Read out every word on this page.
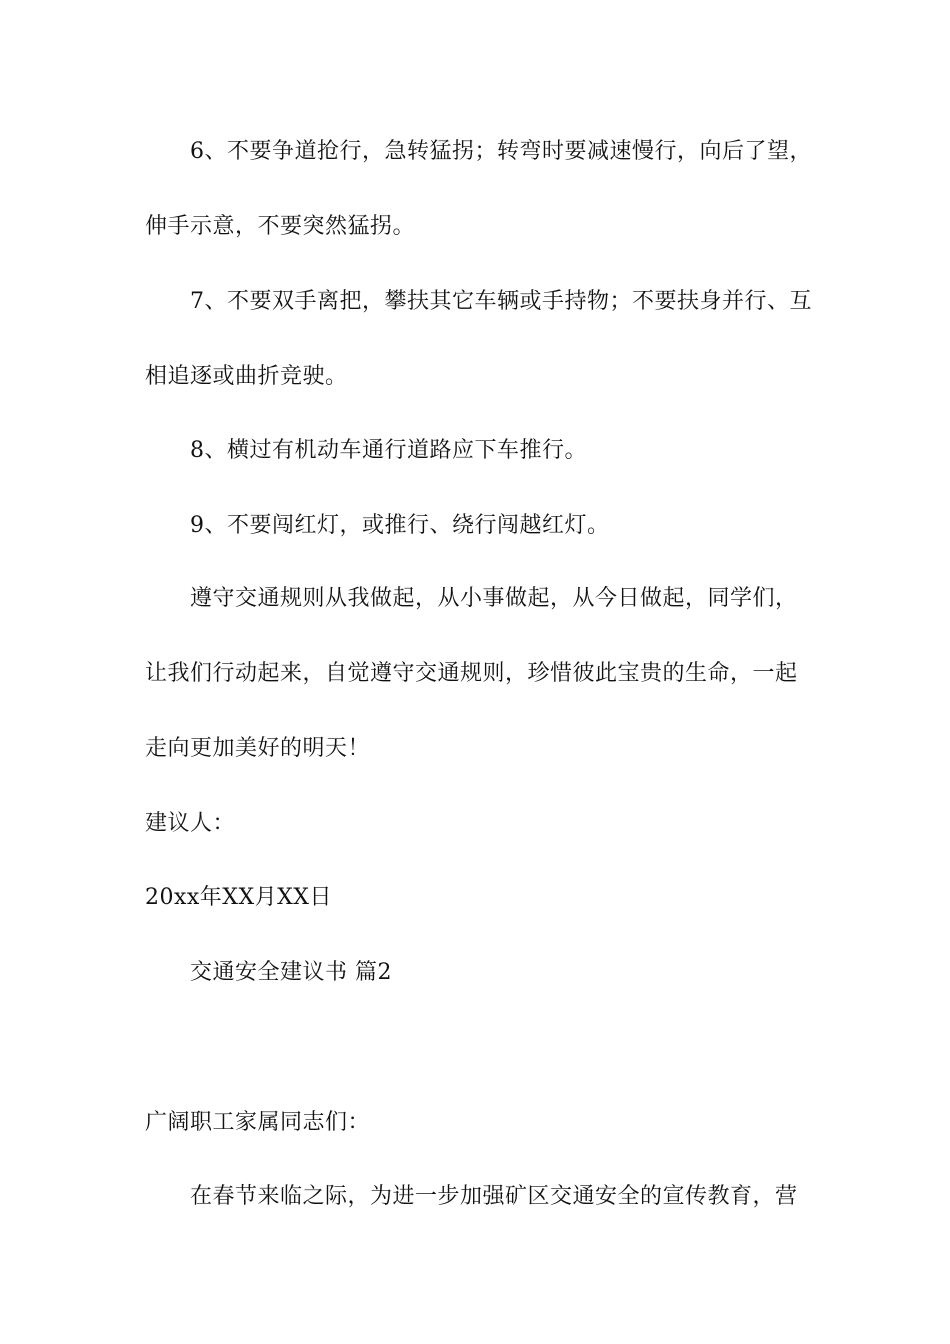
6、不要争道抢行，急转猛拐；转弯时要减速慢行，向后了望，
伸手示意，不要突然猛拐。
7、不要双手离把，攀扶其它车辆或手持物；不要扶身并行、互
相追逐或曲折竞驶。
8、横过有机动车通行道路应下车推行。
9、不要闯红灯，或推行、绕行闯越红灯。
遵守交通规则从我做起，从小事做起，从今日做起，同学们，
让我们行动起来，自觉遵守交通规则，珍惜彼此宝贵的生命，一起
走向更加美好的明天！
建议人：
20xx年XX月XX日
交通安全建议书 篇2
广阔职工家属同志们：
在春节来临之际，为进一步加强矿区交通安全的宣传教育，营
